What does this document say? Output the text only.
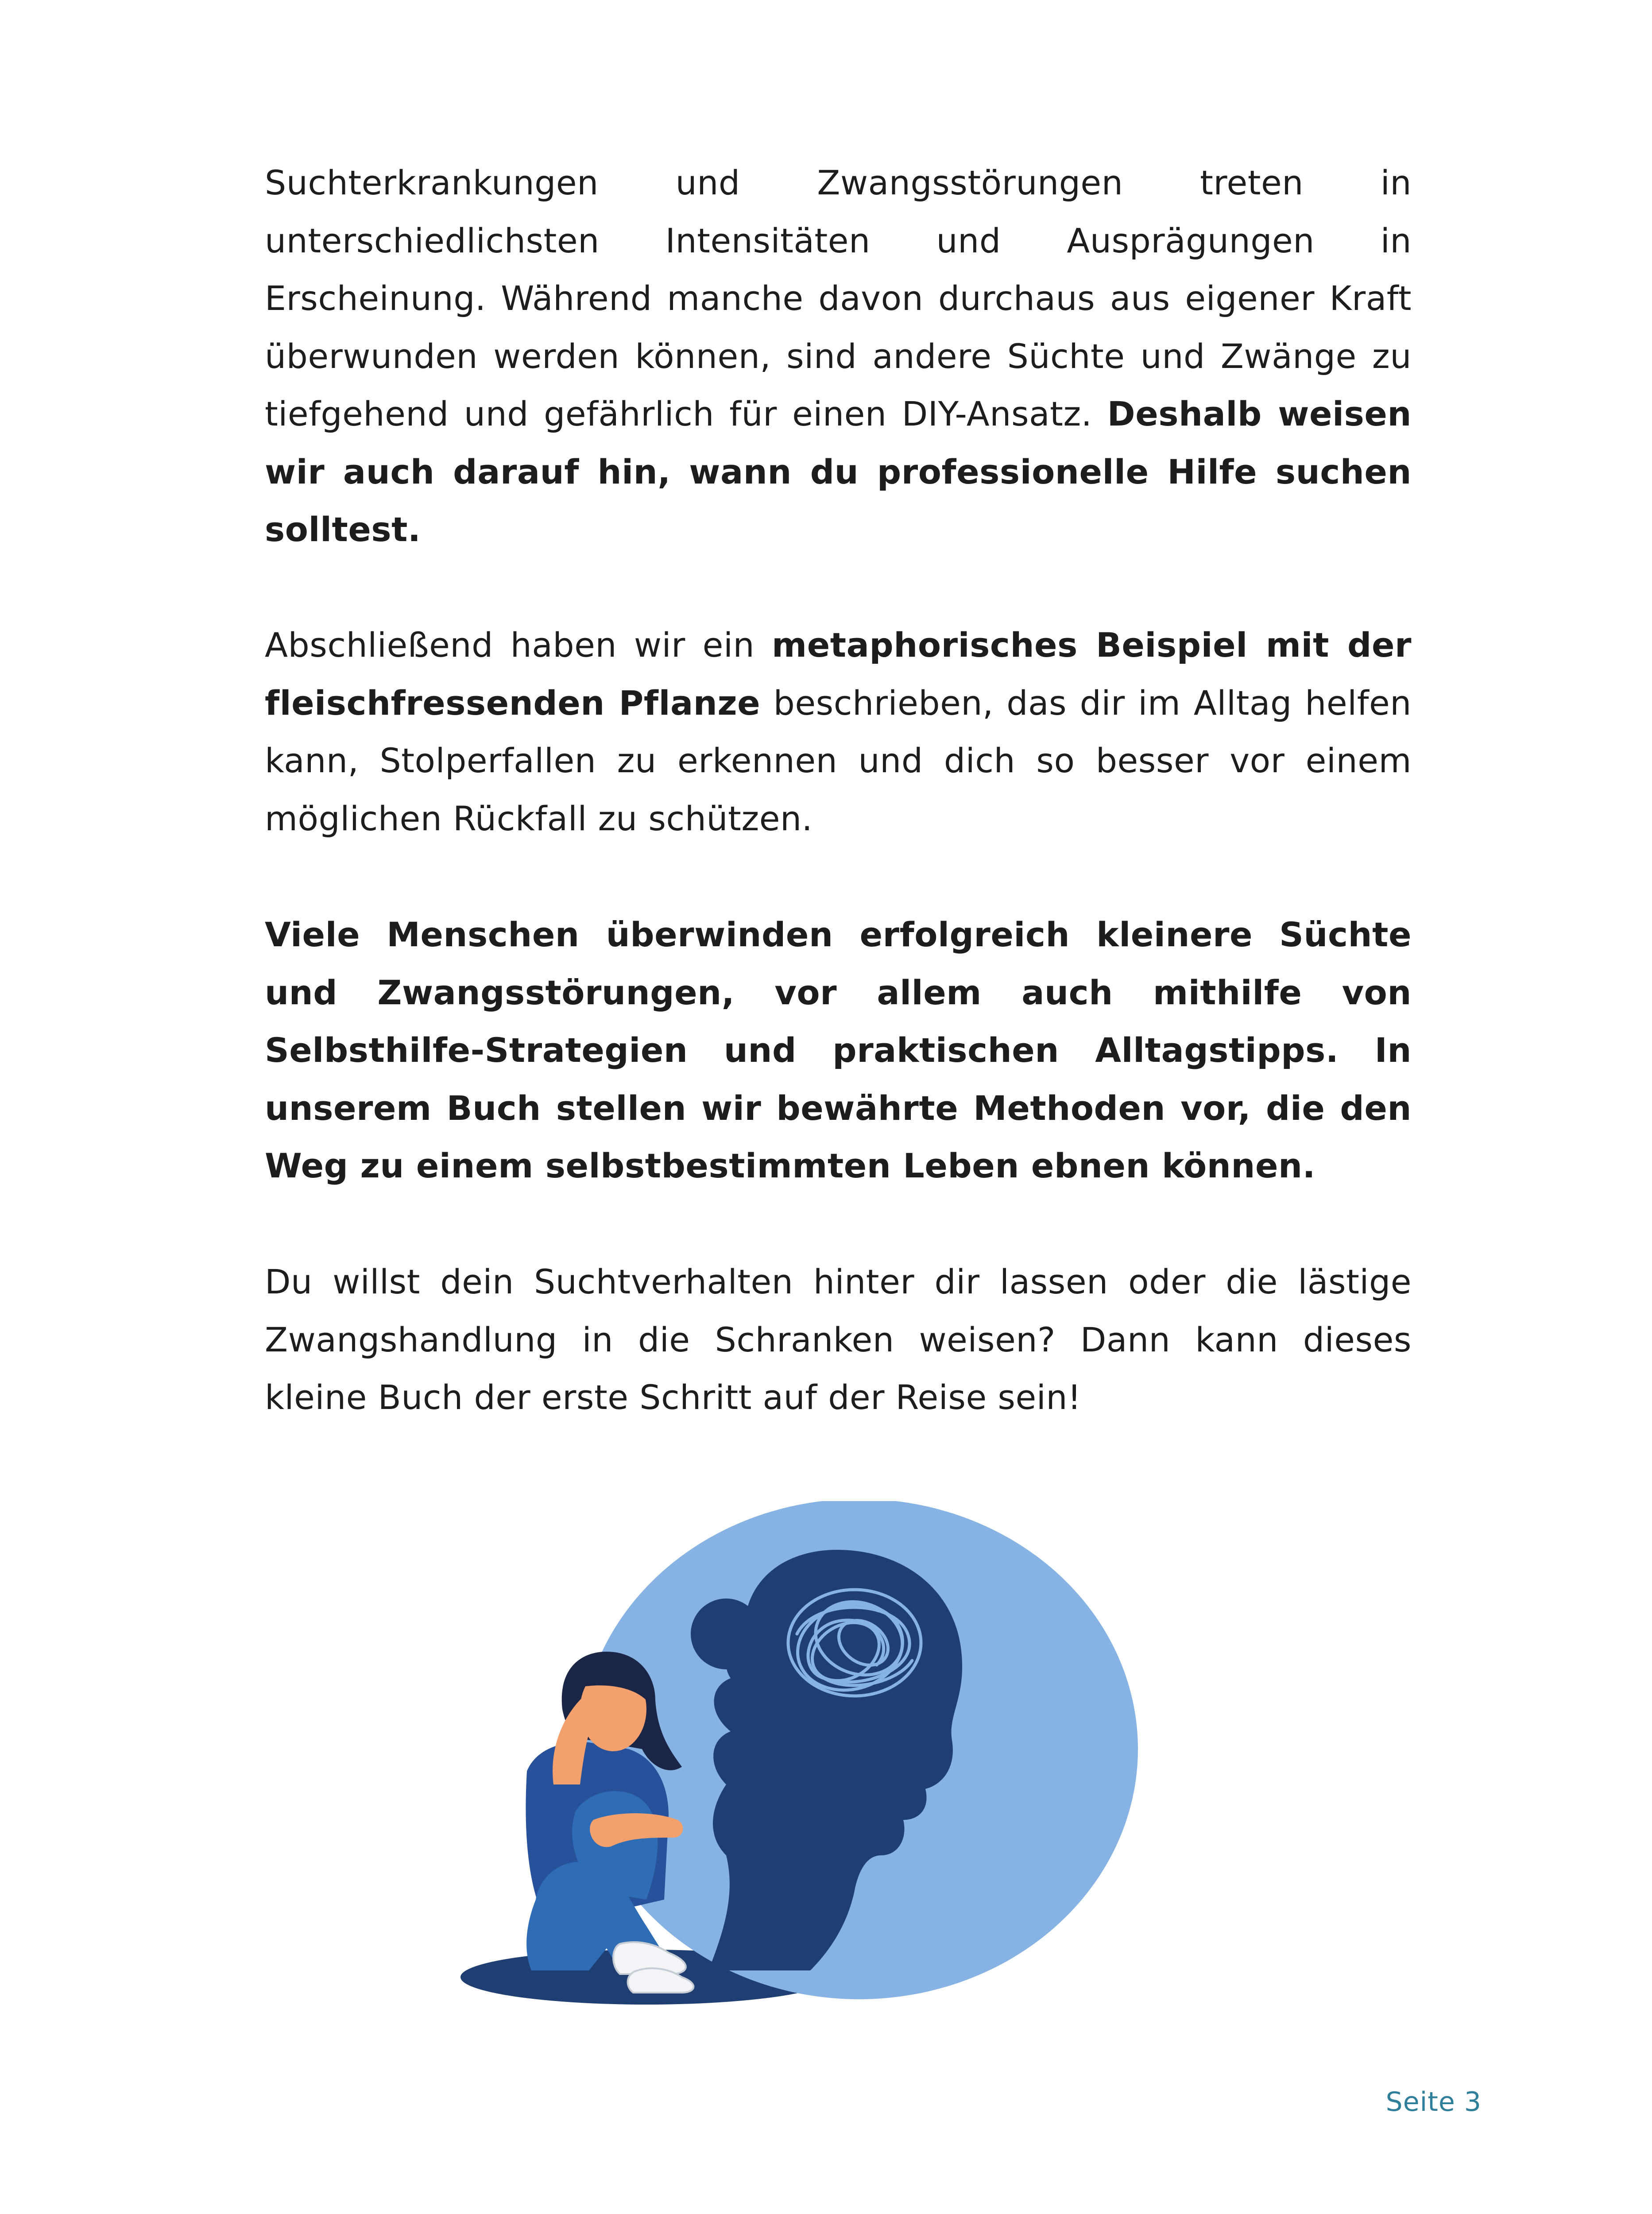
Suchterkrankungen und Zwangsstörungen treten in unterschiedlichsten Intensitäten und Ausprägungen in Erscheinung. Während manche davon durchaus aus eigener Kraft überwunden werden können, sind andere Süchte und Zwänge zu tiefgehend und gefährlich für einen DIY-Ansatz. Deshalb weisen wir auch darauf hin, wann du professionelle Hilfe suchen solltest.

Abschließend haben wir ein metaphorisches Beispiel mit der fleischfressenden Pflanze beschrieben, das dir im Alltag helfen kann, Stolperfallen zu erkennen und dich so besser vor einem möglichen Rückfall zu schützen.

Viele Menschen überwinden erfolgreich kleinere Süchte und Zwangsstörungen, vor allem auch mithilfe von Selbsthilfe-Strategien und praktischen Alltagstipps. In unserem Buch stellen wir bewährte Methoden vor, die den Weg zu einem selbstbestimmten Leben ebnen können.

Du willst dein Suchtverhalten hinter dir lassen oder die lästige Zwangshandlung in die Schranken weisen? Dann kann dieses kleine Buch der erste Schritt auf der Reise sein!

Seite 3
